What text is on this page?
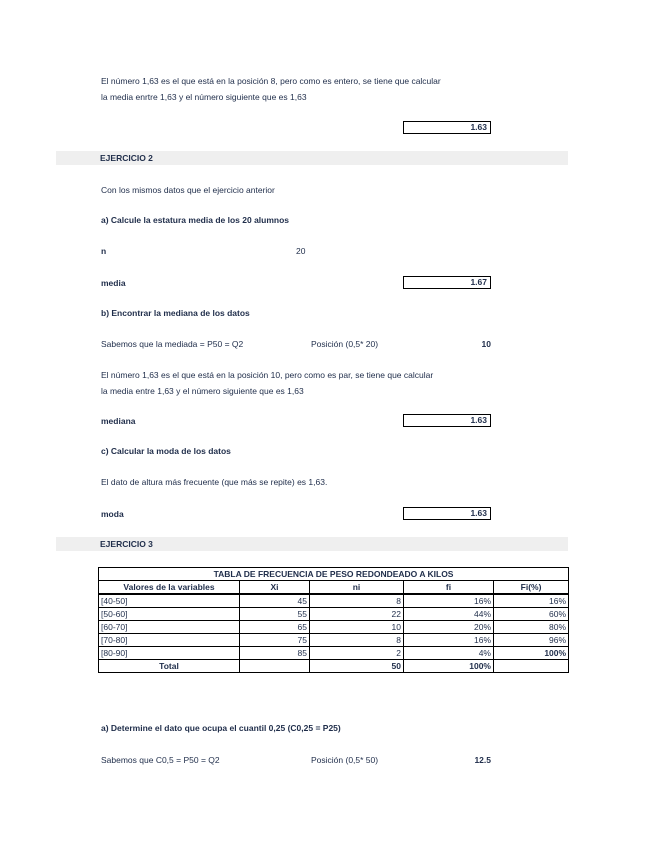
El número 1,63 es el que está en la posición 8, pero como es entero, se tiene que calcular
la media enrtre 1,63 y el número siguiente que es 1,63
1.63
EJERCICIO 2
Con los mismos datos que el ejercicio anterior
a) Calcule la estatura media de los 20 alumnos
n	20
media	1.67
b) Encontrar la mediana de los datos
Sabemos que la mediada = P50 = Q2	Posición (0,5* 20)	10
El número 1,63 es el que está en la posición 10, pero como es par, se tiene que calcular
la media entre 1,63 y el número siguiente que es 1,63
mediana	1.63
c) Calcular la moda de los datos
El dato de altura más frecuente (que más se repite) es 1,63.
moda	1.63
EJERCICIO 3
TABLA DE FRECUENCIA DE PESO REDONDEADO A KILOS				
Valores de la variables	Xi	ni	fi	Fi(%)
[40-50]	45	8	16%	16%
[50-60]	55	22	44%	60%
[60-70]	65	10	20%	80%
[70-80]	75	8	16%	96%
[80-90]	85	2	4%	100%
Total		50	100%	
a) Determine el dato que ocupa el cuantil 0,25 (C0,25 = P25)
Sabemos que C0,5 = P50 = Q2	Posición (0,5* 50)	12.5
